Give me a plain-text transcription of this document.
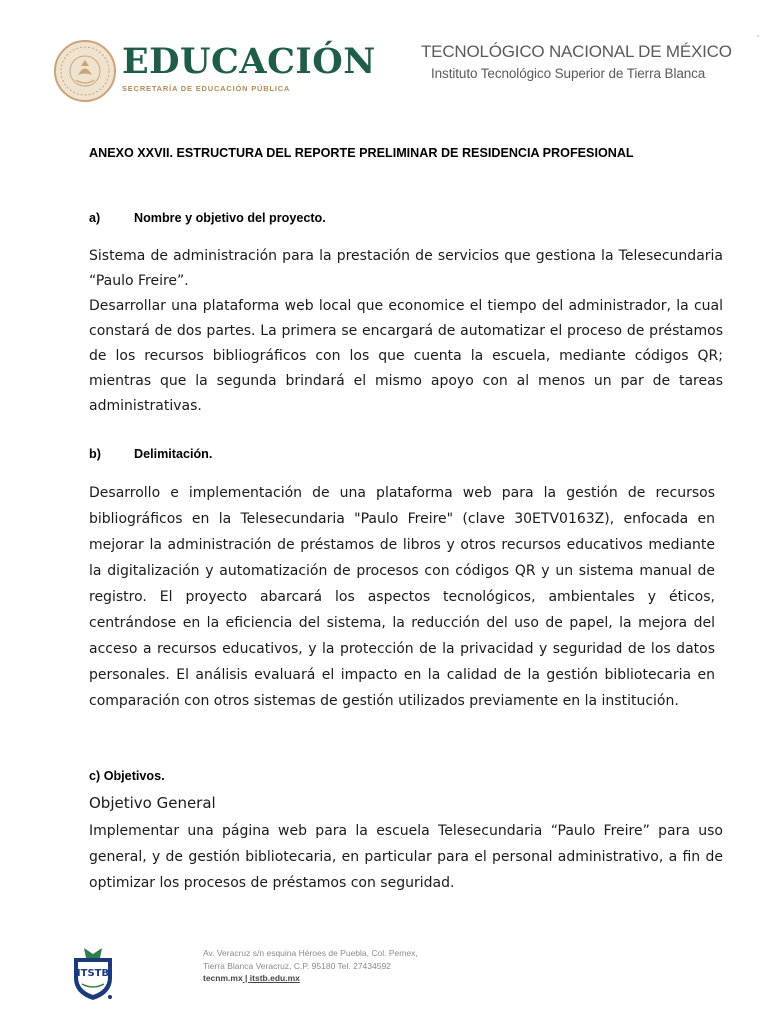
EDUCACIÓN
SECRETARÍA DE EDUCACIÓN PÚBLICA
TECNOLÓGICO NACIONAL DE MÉXICO
Instituto Tecnológico Superior de Tierra Blanca
"
ANEXO XXVII. ESTRUCTURA DEL REPORTE PRELIMINAR DE RESIDENCIA PROFESIONAL
a)	Nombre y objetivo del proyecto.

Sistema de administración para la prestación de servicios que gestiona la Telesecundaria “Paulo Freire”.
Desarrollar una plataforma web local que economice el tiempo del administrador, la cual constará de dos partes. La primera se encargará de automatizar el proceso de préstamos de los recursos bibliográficos con los que cuenta la escuela, mediante códigos QR; mientras que la segunda brindará el mismo apoyo con al menos un par de tareas administrativas.

b)	Delimitación.

Desarrollo e implementación de una plataforma web para la gestión de recursos bibliográficos en la Telesecundaria "Paulo Freire" (clave 30ETV0163Z), enfocada en mejorar la administración de préstamos de libros y otros recursos educativos mediante la digitalización y automatización de procesos con códigos QR y un sistema manual de registro. El proyecto abarcará los aspectos tecnológicos, ambientales y éticos, centrándose en la eficiencia del sistema, la reducción del uso de papel, la mejora del acceso a recursos educativos, y la protección de la privacidad y seguridad de los datos personales. El análisis evaluará el impacto en la calidad de la gestión bibliotecaria en comparación con otros sistemas de gestión utilizados previamente en la institución.

c) Objetivos.
Objetivo General

Implementar una página web para la escuela Telesecundaria “Paulo Freire” para uso general, y de gestión bibliotecaria, en particular para el personal administrativo, a fin de optimizar los procesos de préstamos con seguridad.

ITSTB
Av. Veracruz s/n esquina Héroes de Puebla, Col. Pemex,
Tierra Blanca Veracruz, C.P. 95180 Tel. 27434592
tecnm.mx | itstb.edu.mx
